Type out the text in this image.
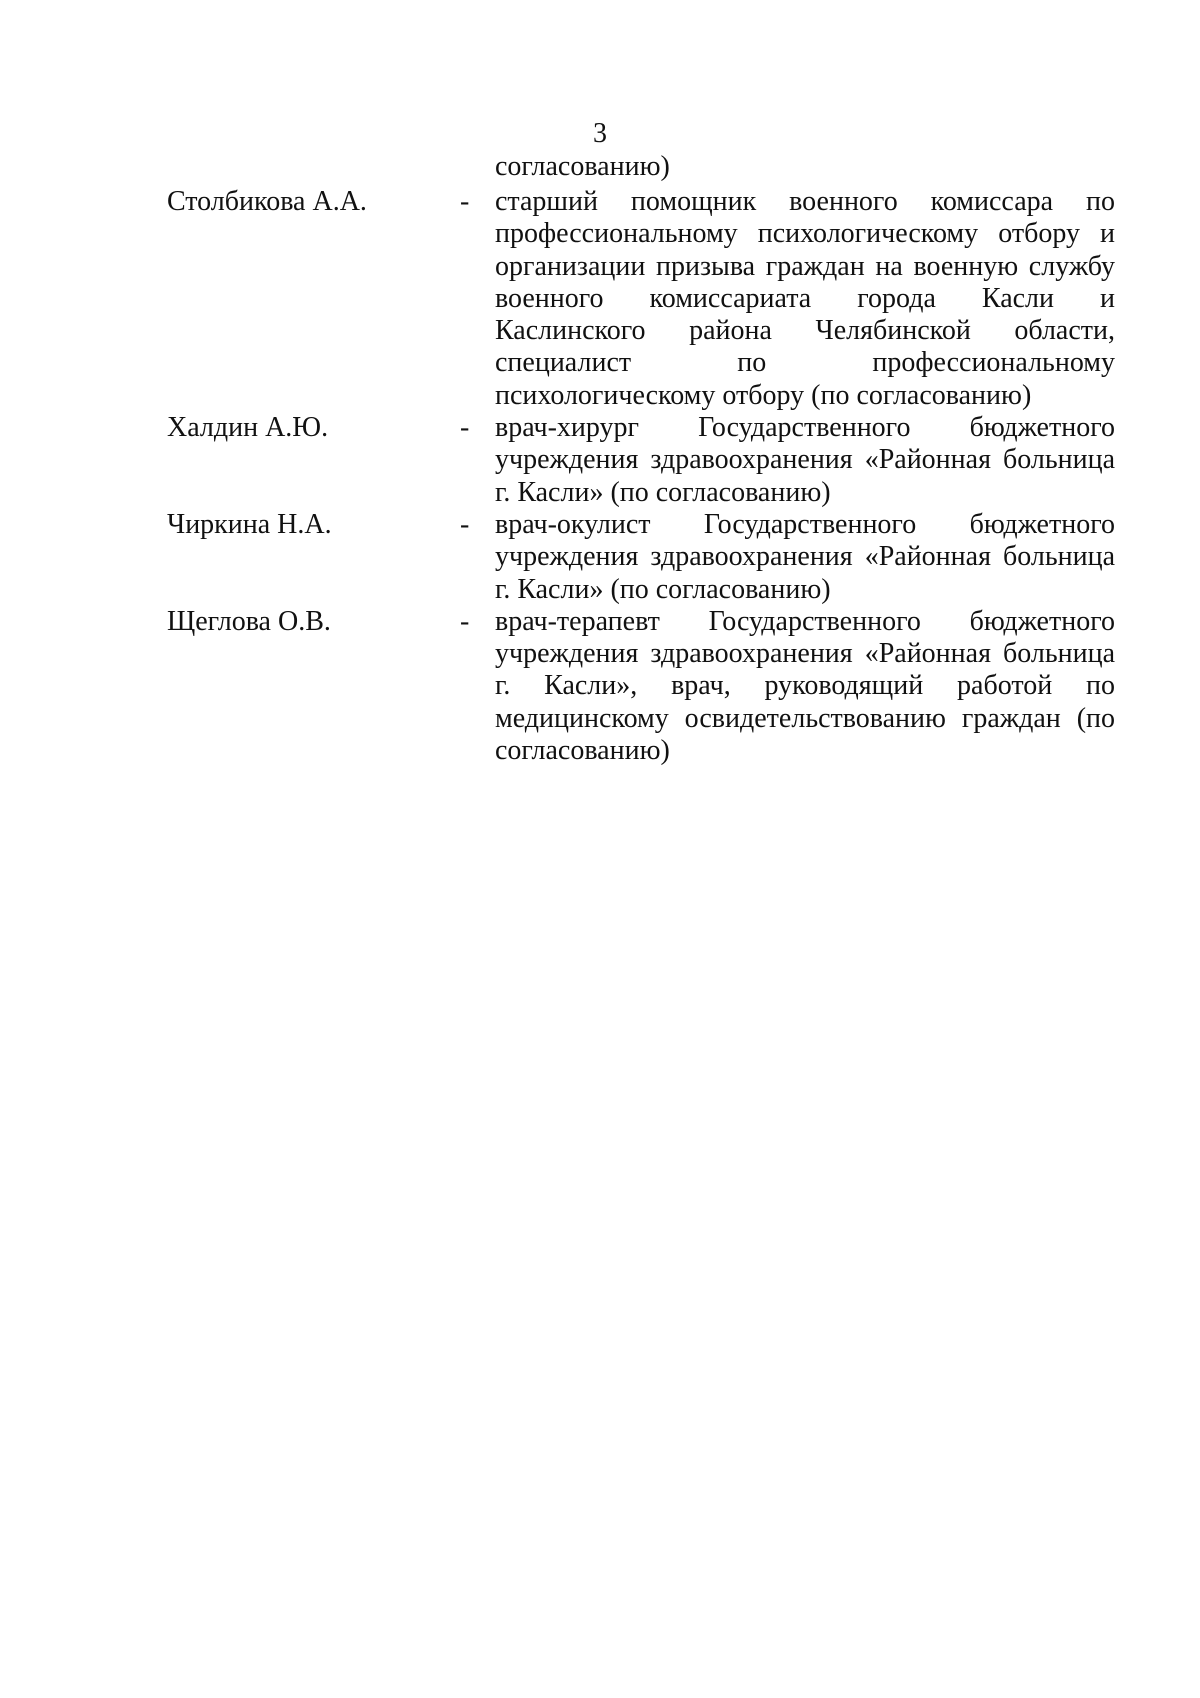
3
согласованию)
Столбикова А.А.	- старший помощник военного комиссара по профессиональному психологическому отбору и организации призыва граждан на военную службу военного комиссариата города Касли и Каслинского района Челябинской области, специалист по профессиональному психологическому отбору (по согласованию)
Халдин А.Ю.	- врач-хирург Государственного бюджетного учреждения здравоохранения «Районная больница г. Касли» (по согласованию)
Чиркина Н.А.	- врач-окулист Государственного бюджетного учреждения здравоохранения «Районная больница г. Касли» (по согласованию)
Щеглова О.В.	- врач-терапевт Государственного бюджетного учреждения здравоохранения «Районная больница г. Касли», врач, руководящий работой по медицинскому освидетельствованию граждан (по согласованию)
